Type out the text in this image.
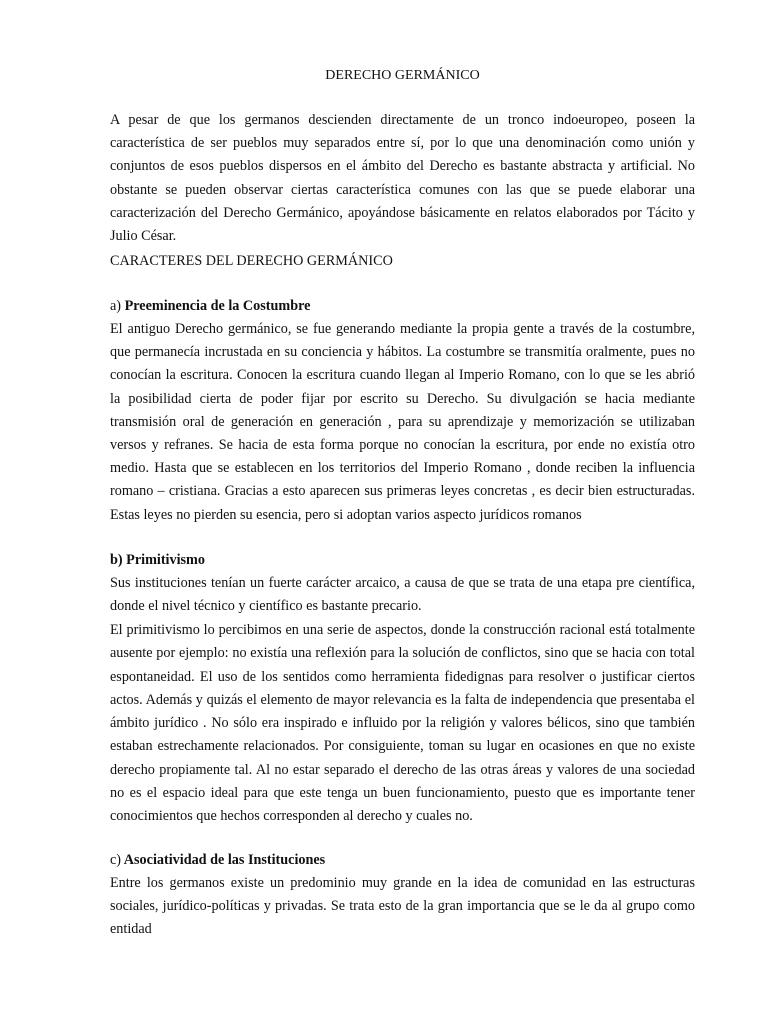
DERECHO GERMÁNICO

A pesar de que los germanos descienden directamente de un tronco indoeuropeo, poseen la característica de ser pueblos muy separados entre sí, por lo que una denominación como unión y conjuntos de esos pueblos dispersos en el ámbito del Derecho es bastante abstracta y artificial. No obstante se pueden observar ciertas característica comunes con las que se puede elaborar una caracterización del Derecho Germánico, apoyándose básicamente en relatos elaborados por Tácito y Julio César.

CARACTERES DEL DERECHO GERMÁNICO
a) Preeminencia de la Costumbre

El antiguo Derecho germánico, se fue generando mediante la propia gente a través de la costumbre, que permanecía incrustada en su conciencia y hábitos. La costumbre se transmitía oralmente, pues no conocían la escritura. Conocen la escritura cuando llegan al Imperio Romano, con lo que se les abrió la posibilidad cierta de poder fijar por escrito su Derecho. Su divulgación se hacia mediante transmisión oral de generación en generación , para su aprendizaje y memorización se utilizaban versos y refranes. Se hacia de esta forma porque no conocían la escritura, por ende no existía otro medio. Hasta que se establecen en los territorios del Imperio Romano , donde reciben la influencia romano – cristiana. Gracias a esto aparecen sus primeras leyes concretas , es decir bien estructuradas. Estas leyes no pierden su esencia, pero si adoptan varios aspecto jurídicos romanos

b) Primitivismo

Sus instituciones tenían un fuerte carácter arcaico, a causa de que se trata de una etapa pre científica, donde el nivel técnico y científico es bastante precario.

El primitivismo lo percibimos en una serie de aspectos, donde la construcción racional está totalmente ausente por ejemplo: no existía una reflexión para la solución de conflictos, sino que se hacia con total espontaneidad. El uso de los sentidos como herramienta fidedignas para resolver o justificar ciertos actos. Además y quizás el elemento de mayor relevancia es la falta de independencia que presentaba el ámbito jurídico . No sólo era inspirado e influido por la religión y valores bélicos, sino que también estaban estrechamente relacionados. Por consiguiente, toman su lugar en ocasiones en que no existe derecho propiamente tal. Al no estar separado el derecho de las otras áreas y valores de una sociedad no es el espacio ideal para que este tenga un buen funcionamiento, puesto que es importante tener conocimientos que hechos corresponden al derecho y cuales no.

c) Asociatividad de las Instituciones

Entre los germanos existe un predominio muy grande en la idea de comunidad en las estructuras sociales, jurídico-políticas y privadas. Se trata esto de la gran importancia que se le da al grupo como entidad
